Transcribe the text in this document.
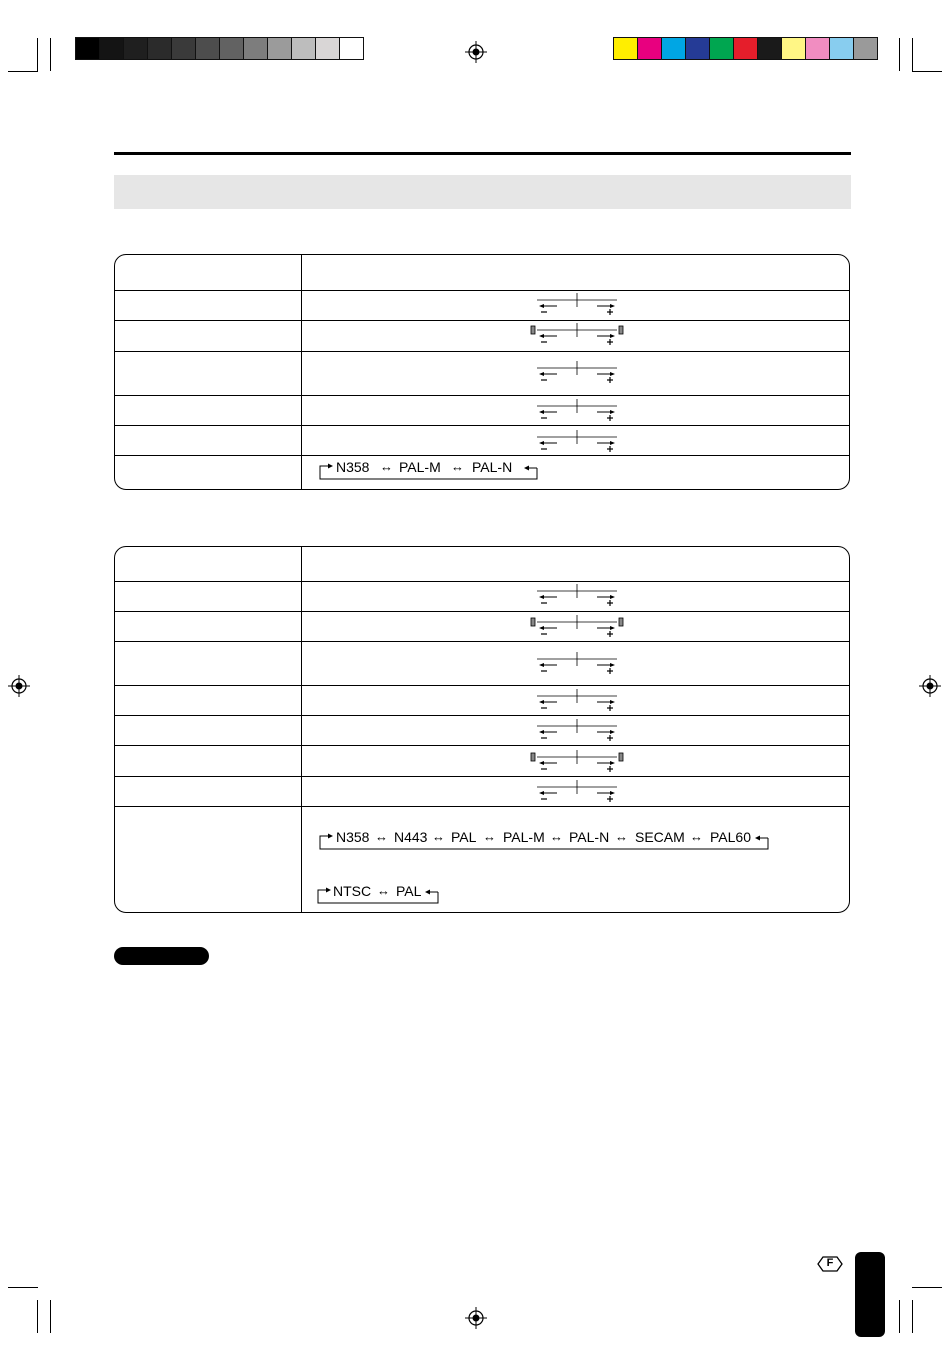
N358 ↔ PAL-M ↔ PAL-N
N358 ↔ N443 ↔ PAL ↔ PAL-M ↔ PAL-N ↔ SECAM ↔ PAL60
NTSC ↔ PAL
F
